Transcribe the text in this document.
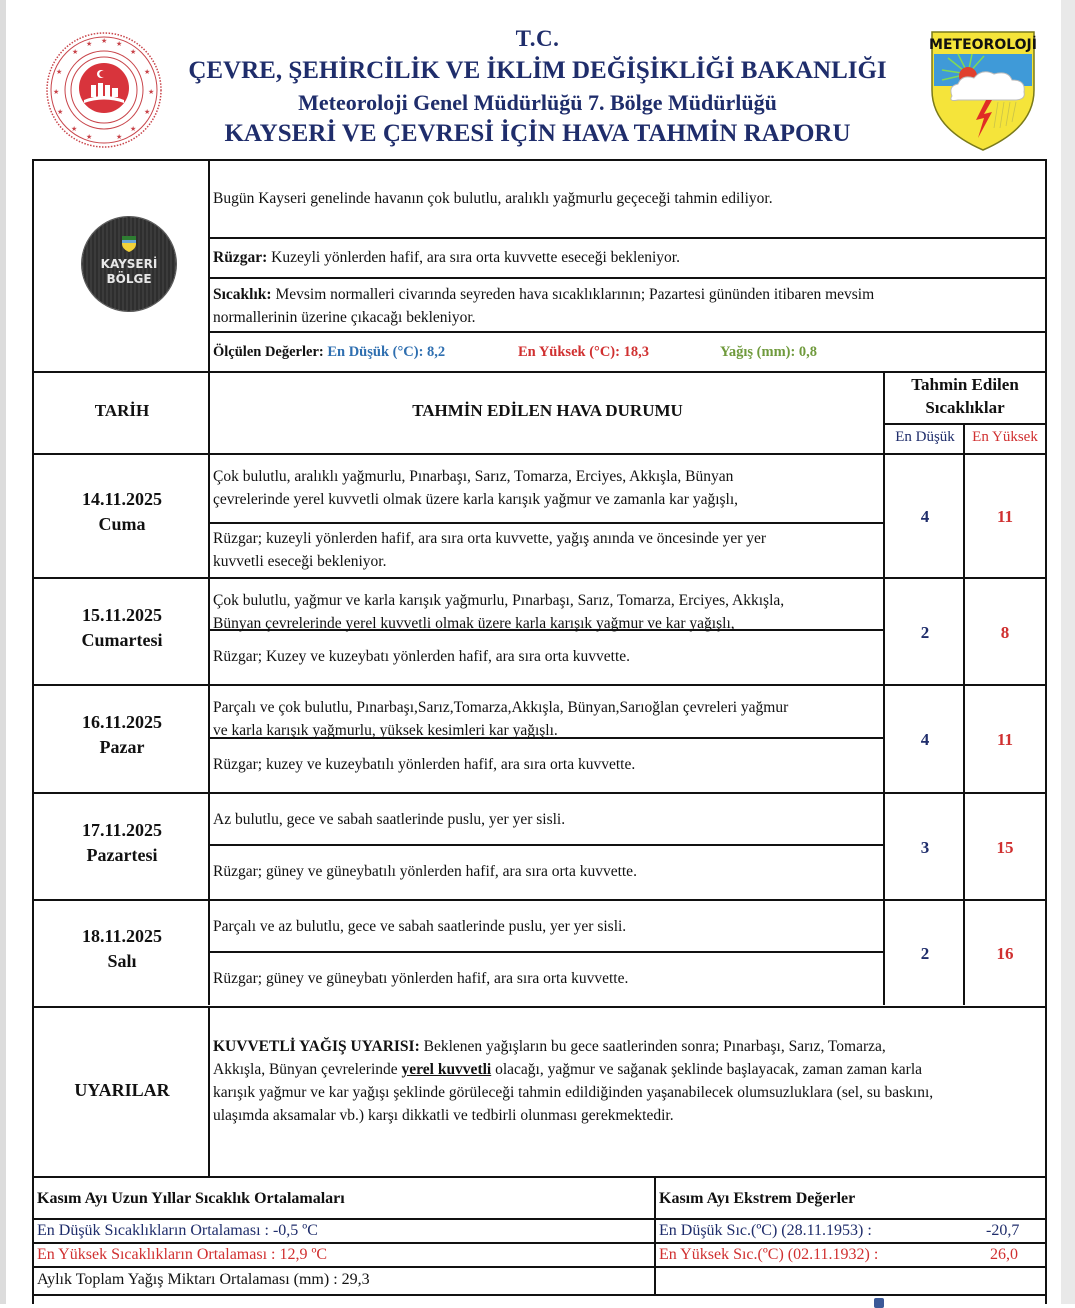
★
★ ★ ★
★
★	★
★	★
★	★
★
★	★
★
T.C.
ÇEVRE, ŞEHİRCİLİK VE İKLİM DEĞİŞİKLİĞİ BAKANLIĞI
Meteoroloji Genel Müdürlüğü 7. Bölge Müdürlüğü
KAYSERİ VE ÇEVRESİ İÇİN HAVA TAHMİN RAPORU
METEOROLOJİ
KAYSERİ
BÖLGE
Bugün Kayseri genelinde havanın çok bulutlu, aralıklı yağmurlu geçeceği tahmin ediliyor.
Rüzgar: Kuzeyli yönlerden hafif, ara sıra orta kuvvette eseceği bekleniyor.
Sıcaklık: Mevsim normalleri civarında seyreden hava sıcaklıklarının; Pazartesi gününden itibaren mevsim
normallerinin üzerine çıkacağı bekleniyor.
Ölçülen Değerler: En Düşük (°C): 8,2	En Yüksek (°C): 18,3	Yağış (mm): 0,8
TARİH	TAHMİN EDİLEN HAVA DURUMU
Tahmin Edilen
Sıcaklıklar
En Düşük	En Yüksek
14.11.2025
Cuma
Çok bulutlu, aralıklı yağmurlu, Pınarbaşı, Sarız, Tomarza, Erciyes, Akkışla, Bünyan
çevrelerinde yerel kuvvetli olmak üzere karla karışık yağmur ve zamanla kar yağışlı,
Rüzgar; kuzeyli yönlerden hafif, ara sıra orta kuvvette, yağış anında ve öncesinde yer yer
kuvvetli eseceği bekleniyor.
4	11
15.11.2025
Cumartesi
Çok bulutlu, yağmur ve karla karışık yağmurlu, Pınarbaşı, Sarız, Tomarza, Erciyes, Akkışla,
Bünyan çevrelerinde yerel kuvvetli olmak üzere karla karışık yağmur ve kar yağışlı,
Rüzgar; Kuzey ve kuzeybatı yönlerden hafif, ara sıra orta kuvvette.
2	8
16.11.2025
Pazar
Parçalı ve çok bulutlu, Pınarbaşı,Sarız,Tomarza,Akkışla, Bünyan,Sarıoğlan çevreleri yağmur
ve karla karışık yağmurlu, yüksek kesimleri kar yağışlı.
Rüzgar; kuzey ve kuzeybatılı yönlerden hafif, ara sıra orta kuvvette.
4	11
17.11.2025
Pazartesi
Az bulutlu, gece ve sabah saatlerinde puslu, yer yer sisli.
Rüzgar; güney ve güneybatılı yönlerden hafif, ara sıra orta kuvvette.
3	15
18.11.2025
Salı
Parçalı ve az bulutlu, gece ve sabah saatlerinde puslu, yer yer sisli.
Rüzgar; güney ve güneybatı yönlerden hafif, ara sıra orta kuvvette.
2	16
UYARILAR
KUVVETLİ YAĞIŞ UYARISI: Beklenen yağışların bu gece saatlerinden sonra; Pınarbaşı, Sarız, Tomarza,
Akkışla, Bünyan çevrelerinde yerel kuvvetli olacağı, yağmur ve sağanak şeklinde başlayacak, zaman zaman karla
karışık yağmur ve kar yağışı şeklinde görüleceği tahmin edildiğinden yaşanabilecek olumsuzluklara (sel, su baskını,
ulaşımda aksamalar vb.) karşı dikkatli ve tedbirli olunması gerekmektedir.
Kasım Ayı Uzun Yıllar Sıcaklık Ortalamaları	Kasım Ayı Ekstrem Değerler
En Düşük Sıcaklıkların Ortalaması : -0,5 ºC	En Düşük Sıc.(ºC) (28.11.1953) :	-20,7
En Yüksek Sıcaklıkların Ortalaması : 12,9 ºC	En Yüksek Sıc.(ºC) (02.11.1932) :	26,0
Aylık Toplam Yağış Miktarı Ortalaması (mm) : 29,3
